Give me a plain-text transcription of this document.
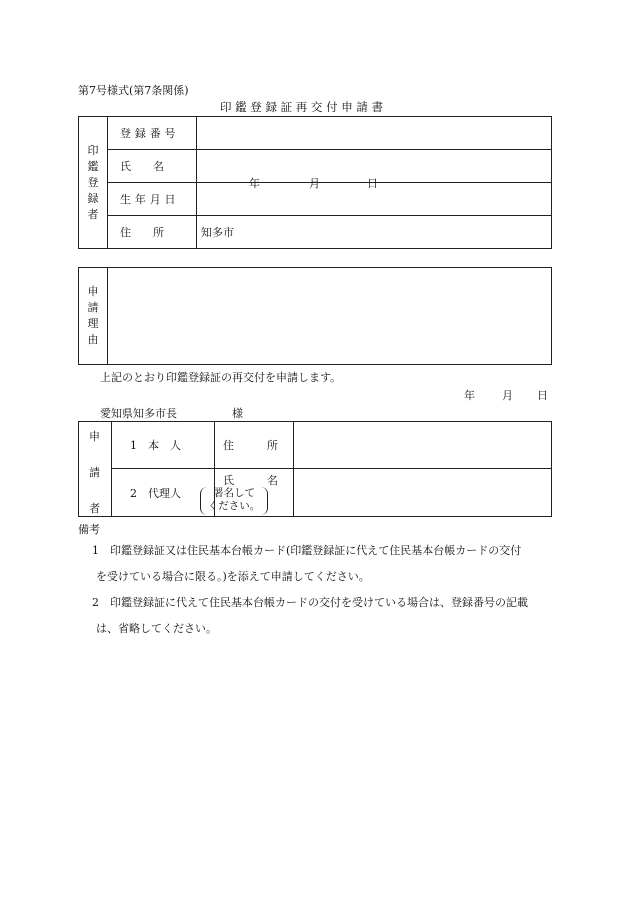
第7号様式(第7条関係)
印 鑑 登 録 証 再 交 付 申 請 書
印
鑑
登
録
者	登録番号	
	氏　　名	
	生年月日	年 月 日

	住　　所	知多市
申
請
理
由

上記のとおり印鑑登録証の再交付を申請します。
年 月 日
愛知県知多市長	様
申
請
者	1　本　人	住　　　所	
	2　代理人	氏　　　名	
署名して
ください。
備考
1　印鑑登録証又は住民基本台帳カード(印鑑登録証に代えて住民基本台帳カードの交付
を受けている場合に限る。)を添えて申請してください。
2　印鑑登録証に代えて住民基本台帳カードの交付を受けている場合は、登録番号の記載
は、省略してください。
